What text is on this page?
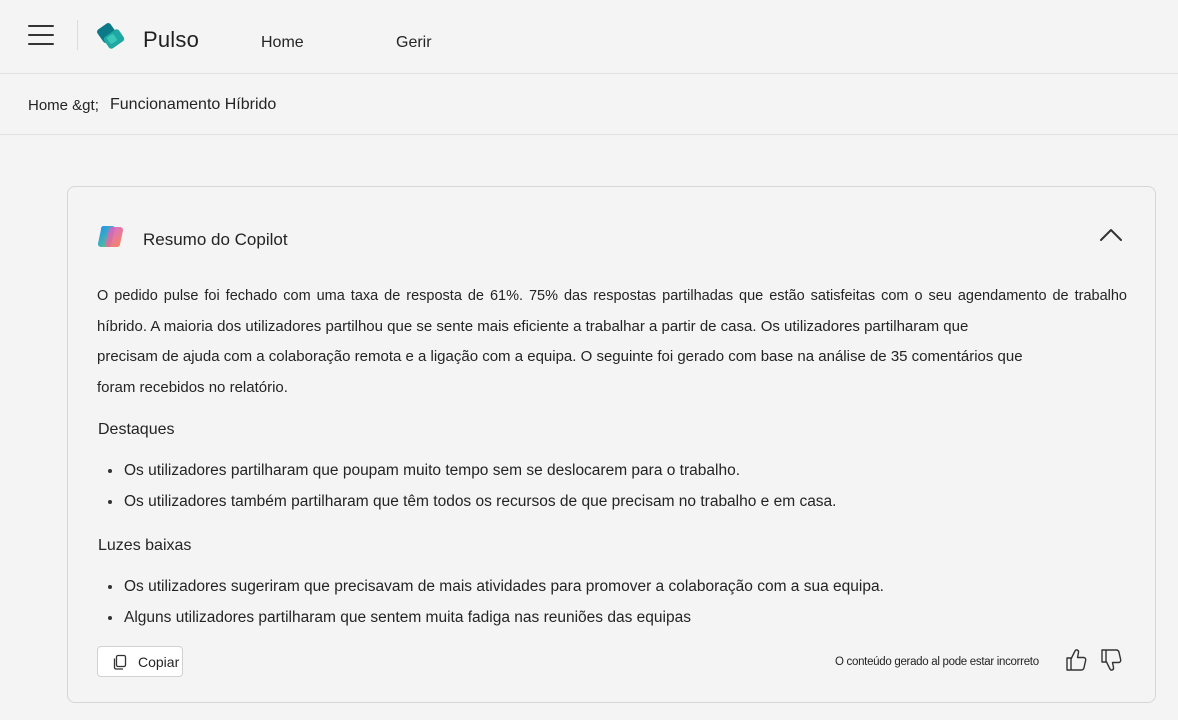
Pulso	Home	Gerir
Home &gt; Funcionamento Híbrido
Resumo do Copilot
O pedido pulse foi fechado com uma taxa de resposta de 61%. 75% das respostas partilhadas que estão satisfeitas com o seu agendamento de trabalho
híbrido. A maioria dos utilizadores partilhou que se sente mais eficiente a trabalhar a partir de casa. Os utilizadores partilharam que
precisam de ajuda com a colaboração remota e a ligação com a equipa. O seguinte foi gerado com base na análise de 35 comentários que
foram recebidos no relatório.
Destaques
Os utilizadores partilharam que poupam muito tempo sem se deslocarem para o trabalho.
Os utilizadores também partilharam que têm todos os recursos de que precisam no trabalho e em casa.
Luzes baixas
Os utilizadores sugeriram que precisavam de mais atividades para promover a colaboração com a sua equipa.
Alguns utilizadores partilharam que sentem muita fadiga nas reuniões das equipas
Copiar	O conteúdo gerado al pode estar incorreto
